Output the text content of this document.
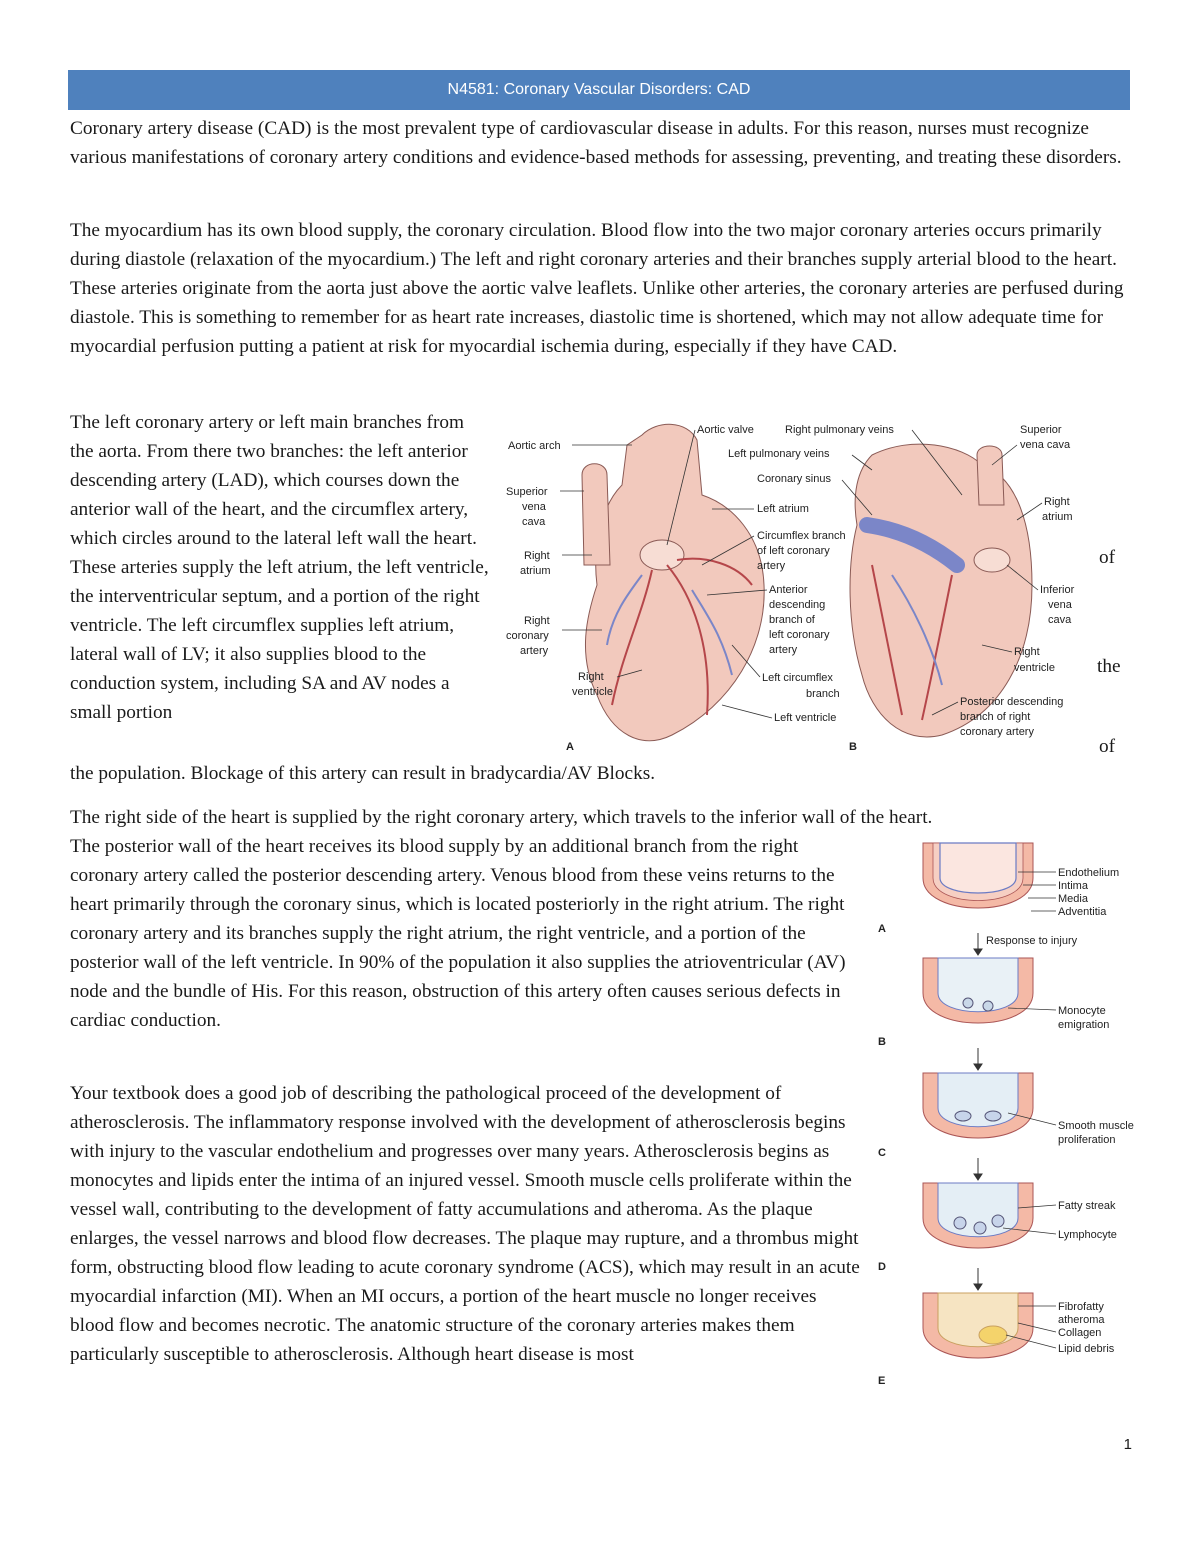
N4581: Coronary Vascular Disorders: CAD

Coronary artery disease (CAD) is the most prevalent type of cardiovascular disease in adults. For this reason, nurses must recognize various manifestations of coronary artery conditions and evidence-based methods for assessing, preventing, and treating these disorders.

The myocardium has its own blood supply, the coronary circulation. Blood flow into the two major coronary arteries occurs primarily during diastole (relaxation of the myocardium.) The left and right coronary arteries and their branches supply arterial blood to the heart. These arteries originate from the aorta just above the aortic valve leaflets. Unlike other arteries, the coronary arteries are perfused during diastole. This is something to remember for as heart rate increases, diastolic time is shortened, which may not allow adequate time for myocardial perfusion putting a patient at risk for myocardial ischemia during, especially if they have CAD.

The left coronary artery or left main branches from the aorta. From there two branches: the left anterior descending artery (LAD), which courses down the anterior wall of the heart, and the circumflex artery, which circles around to the lateral left wall the heart. These arteries supply the left atrium, the left ventricle, the interventricular septum, and a portion of the right ventricle. The left circumflex supplies left atrium, lateral wall of LV; it also supplies blood to the conduction system, including SA and AV nodes a small portion

of
the
of

the population. Blockage of this artery can result in bradycardia/AV Blocks.

Aortic arch
Superior
vena
cava
Right
atrium
Right
coronary
artery
Right
ventricle
Aortic valve	Right pulmonary veins
Left pulmonary veins
Coronary sinus
Left atrium
Circumflex branch
of left coronary
artery
Anterior
descending
branch of
left coronary
artery
Left circumflex
branch
Left ventricle
Superior
vena cava
Right
atrium
Inferior
vena
cava
Right
ventricle
Posterior descending
branch of right
coronary artery
A	B

The right side of the heart is supplied by the right coronary artery, which travels to the inferior wall of the heart.

The posterior wall of the heart receives its blood supply by an additional branch from the right coronary artery called the posterior descending artery. Venous blood from these veins returns to the heart primarily through the coronary sinus, which is located posteriorly in the right atrium. The right coronary artery and its branches supply the right atrium, the right ventricle, and a portion of the posterior wall of the left ventricle. In 90% of the population it also supplies the atrioventricular (AV) node and the bundle of His. For this reason, obstruction of this artery often causes serious defects in cardiac conduction.

Your textbook does a good job of describing the pathological proceed of the development of atherosclerosis. The inflammatory response involved with the development of atherosclerosis begins with injury to the vascular endothelium and progresses over many years. Atherosclerosis begins as monocytes and lipids enter the intima of an injured vessel. Smooth muscle cells proliferate within the vessel wall, contributing to the development of fatty accumulations and atheroma. As the plaque enlarges, the vessel narrows and blood flow decreases. The plaque may rupture, and a thrombus might form, obstructing blood flow leading to acute coronary syndrome (ACS), which may result in an acute myocardial infarction (MI). When an MI occurs, a portion of the heart muscle no longer receives blood flow and becomes necrotic. The anatomic structure of the coronary arteries makes them particularly susceptible to atherosclerosis. Although heart disease is most

Endothelium
Intima
Media
Adventitia
Response to injury
Monocyte
emigration
Smooth muscle
proliferation
Fatty streak
Lymphocyte
Fibrofatty
atheroma
Collagen
Lipid debris
A
B
C
D
E
1
